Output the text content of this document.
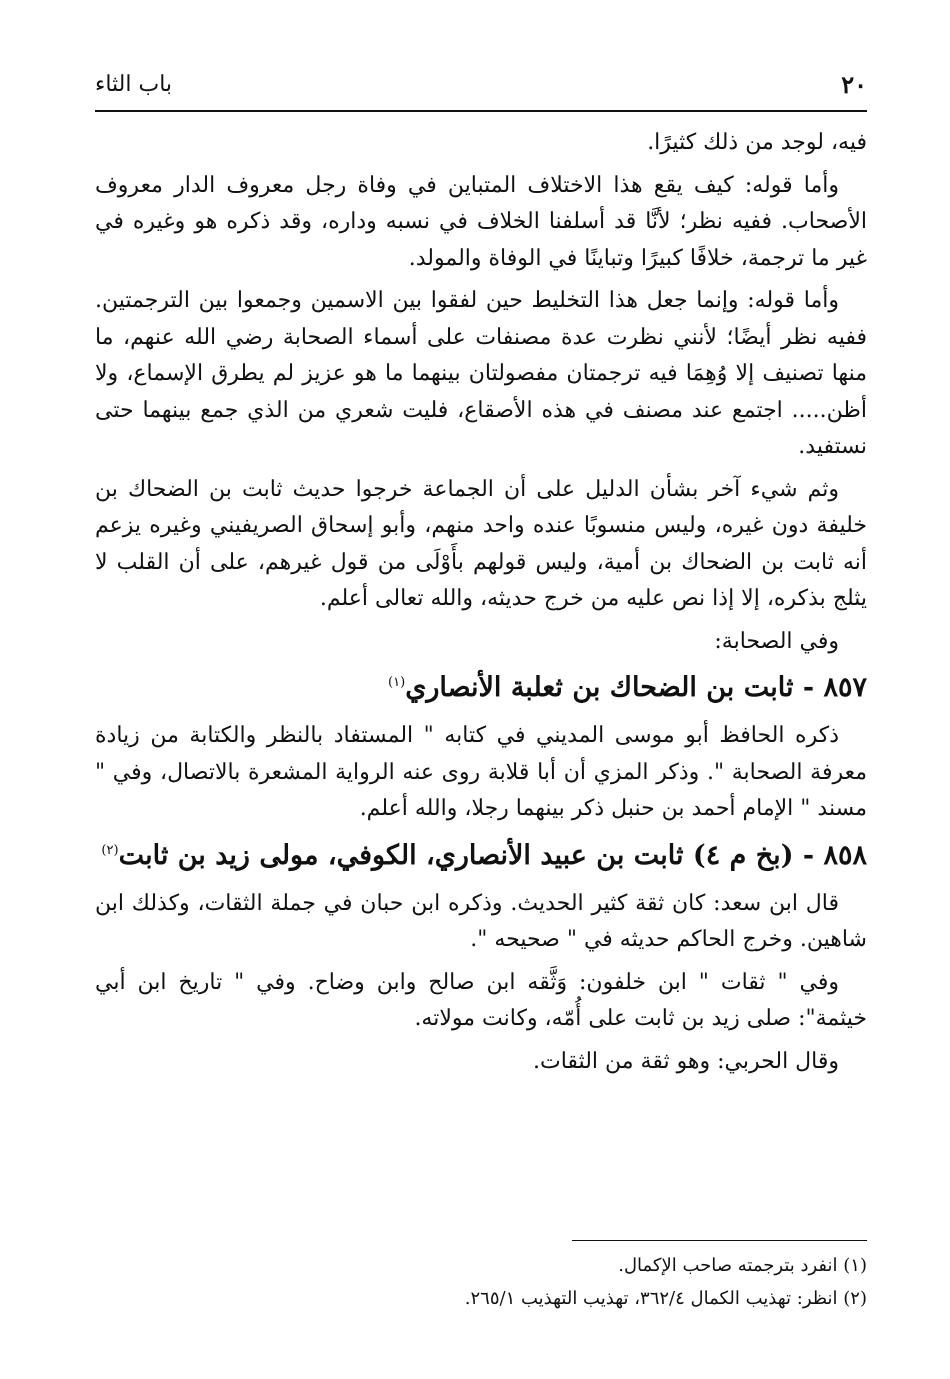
٢٠
باب الثاء

فيه، لوجد من ذلك كثيرًا.

وأما قوله: كيف يقع هذا الاختلاف المتباين في وفاة رجل معروف الدار معروف الأصحاب. ففيه نظر؛ لأنَّا قد أسلفنا الخلاف في نسبه وداره، وقد ذكره هو وغيره في غير ما ترجمة، خلافًا كبيرًا وتباينًا في الوفاة والمولد.

وأما قوله: وإنما جعل هذا التخليط حين لفقوا بين الاسمين وجمعوا بين الترجمتين. ففيه نظر أيضًا؛ لأنني نظرت عدة مصنفات على أسماء الصحابة رضي الله عنهم، ما منها تصنيف إلا وُهِمَا فيه ترجمتان مفصولتان بينهما ما هو عزيز لم يطرق الإسماع، ولا أظن..... اجتمع عند مصنف في هذه الأصقاع، فليت شعري من الذي جمع بينهما حتى نستفيد.

وثم شيء آخر بشأن الدليل على أن الجماعة خرجوا حديث ثابت بن الضحاك بن خليفة دون غيره، وليس منسوبًا عنده واحد منهم، وأبو إسحاق الصريفيني وغيره يزعم أنه ثابت بن الضحاك بن أمية، وليس قولهم بأَوْلَى من قول غيرهم، على أن القلب لا يثلج بذكره، إلا إذا نص عليه من خرج حديثه، والله تعالى أعلم.

وفي الصحابة:

٨٥٧ - ثابت بن الضحاك بن ثعلبة الأنصاري$^{(١)}$

ذكره الحافظ أبو موسى المديني في كتابه " المستفاد بالنظر والكتابة من زيادة معرفة الصحابة ". وذكر المزي أن أبا قلابة روى عنه الرواية المشعرة بالاتصال، وفي " مسند " الإمام أحمد بن حنبل ذكر بينهما رجلا، والله أعلم.

٨٥٨ - (بخ م ٤) ثابت بن عبيد الأنصاري، الكوفي، مولى زيد بن ثابت$^{(٢)}$

قال ابن سعد: كان ثقة كثير الحديث. وذكره ابن حبان في جملة الثقات، وكذلك ابن شاهين. وخرج الحاكم حديثه في " صحيحه ".

وفي " ثقات " ابن خلفون: وَثَّقه ابن صالح وابن وضاح. وفي " تاريخ ابن أبي خيثمة": صلى زيد بن ثابت على أُمّه، وكانت مولاته.

وقال الحربي: وهو ثقة من الثقات.

(١) انفرد بترجمته صاحب الإكمال.

(٢) انظر: تهذيب الكمال ٣٦٢/٤، تهذيب التهذيب ٢٦٥/١.
